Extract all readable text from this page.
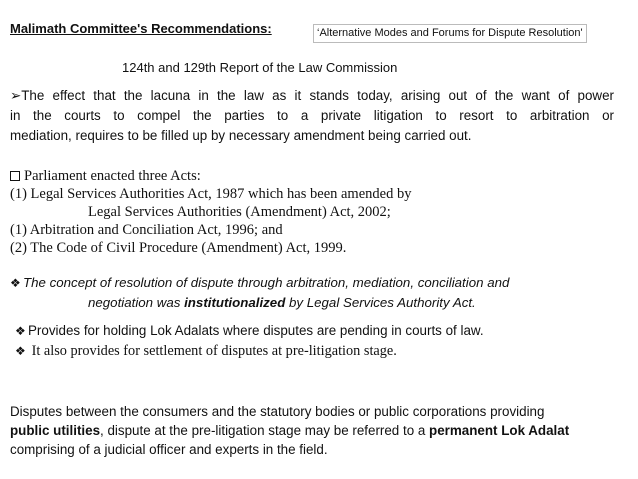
Malimath Committee's Recommendations:	‘Alternative Modes and Forums for Dispute Resolution'
124th and 129th Report of the Law Commission
➢The effect that the lacuna in the law as it stands today, arising out of the want of power
in the courts to compel the parties to a private litigation to resort to arbitration or
mediation, requires to be filled up by necessary amendment being carried out.
Parliament enacted three Acts:
(1) Legal Services Authorities Act, 1987 which has been amended by
Legal Services Authorities (Amendment) Act, 2002;
(1) Arbitration and Conciliation Act, 1996; and
(2) The Code of Civil Procedure (Amendment) Act, 1999.
❖ The concept of resolution of dispute through arbitration, mediation, conciliation and
negotiation was institutionalized by Legal Services Authority Act.
❖ Provides for holding Lok Adalats where disputes are pending in courts of law.
❖ It also provides for settlement of disputes at pre-litigation stage.
Disputes between the consumers and the statutory bodies or public corporations providing
public utilities, dispute at the pre-litigation stage may be referred to a permanent Lok Adalat
comprising of a judicial officer and experts in the field.
